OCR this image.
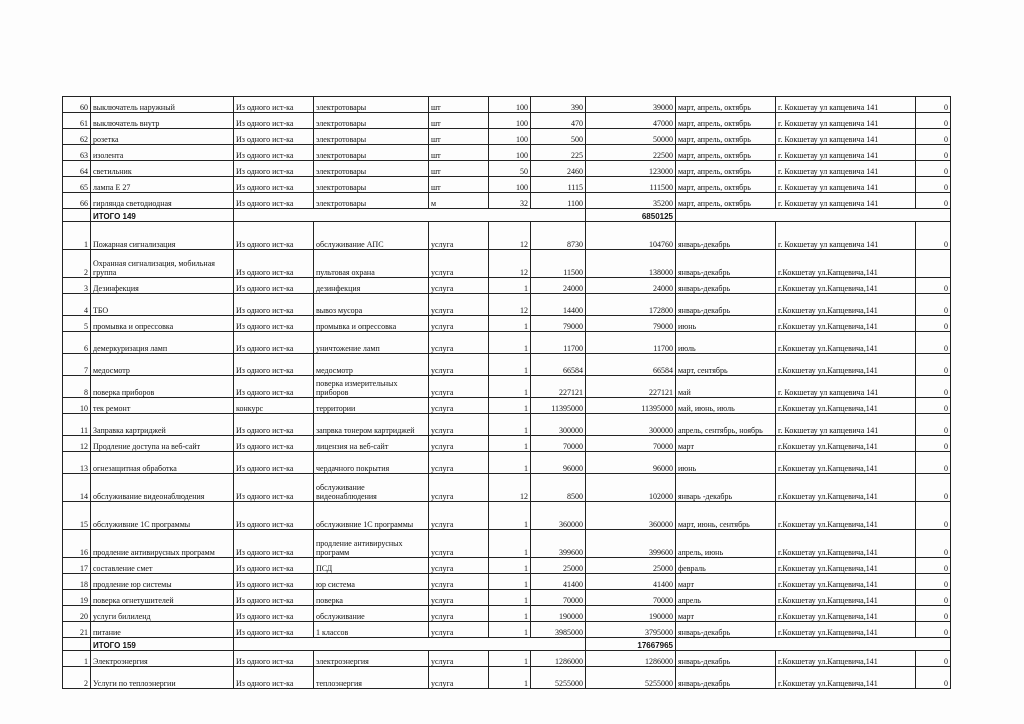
60	выключатель наружный	Из одного ист-ка	электротовары	шт	100	390	39000	март, апрель, октябрь	г. Кокшетау ул капцевича 141	0
61	выключатель внутр	Из одного ист-ка	электротовары	шт	100	470	47000	март, апрель, октябрь	г. Кокшетау ул капцевича 141	0
62	розетка	Из одного ист-ка	электротовары	шт	100	500	50000	март, апрель, октябрь	г. Кокшетау ул капцевича 141	0
63	изолента	Из одного ист-ка	электротовары	шт	100	225	22500	март, апрель, октябрь	г. Кокшетау ул капцевича 141	0
64	светильник	Из одного ист-ка	электротовары	шт	50	2460	123000	март, апрель, октябрь	г. Кокшетау ул капцевича 141	0
65	лампа Е 27	Из одного ист-ка	электротовары	шт	100	1115	111500	март, апрель, октябрь	г. Кокшетау ул капцевича 141	0
66	гирлянда светодиодная	Из одного ист-ка	электротовары	м	32	1100	35200	март, апрель, октябрь	г. Кокшетау ул капцевича 141	0
	ИТОГО 149						6850125			
1	Пожарная сигнализация	Из одного ист-ка	обслуживание АПС	услуга	12	8730	104760	январь-декабрь	г. Кокшетау ул капцевича 141	0
2	Охранная сигнализация, мобильная группа	Из одного ист-ка	пультовая охрана	услуга	12	11500	138000	январь-декабрь	г.Кокшетау ул.Капцевича,141	
3	Дезинфекция	Из одного ист-ка	дезинфекция	услуга	1	24000	24000	январь-декабрь	г.Кокшетау ул.Капцевича,141	0
4	ТБО	Из одного ист-ка	вывоз мусора	услуга	12	14400	172800	январь-декабрь	г.Кокшетау ул.Капцевича,141	0
5	промывка и опрессовка	Из одного ист-ка	промывка и опрессовка	услуга	1	79000	79000	июнь	г.Кокшетау ул.Капцевича,141	0
6	демеркуризация ламп	Из одного ист-ка	уничтожение ламп	услуга	1	11700	11700	июль	г.Кокшетау ул.Капцевича,141	0
7	медосмотр	Из одного ист-ка	медосмотр	услуга	1	66584	66584	март, сентябрь	г.Кокшетау ул.Капцевича,141	0
8	поверка приборов	Из одного ист-ка	поверка измерительных приборов	услуга	1	227121	227121	май	г. Кокшетау ул капцевича 141	0
10	тек ремонт	конкурс	территории	услуга	1	11395000	11395000	май, июнь, июль	г.Кокшетау ул.Капцевича,141	0
11	Заправка картриджей	Из одного ист-ка	запрвка тонером картриджей	услуга	1	300000	300000	апрель, сентябрь, ноябрь	г. Кокшетау ул капцевича 141	0
12	Продление доступа на веб-сайт	Из одного ист-ка	лицензия на веб-сайт	услуга	1	70000	70000	март	г.Кокшетау ул.Капцевича,141	0
13	огнезащитная обработка	Из одного ист-ка	чердачного покрытия	услуга	1	96000	96000	июнь	г.Кокшетау ул.Капцевича,141	0
14	обслуживание видеонаблюдения	Из одного ист-ка	обслуживание видеонаблюдения	услуга	12	8500	102000	январь -декабрь	г.Кокшетау ул.Капцевича,141	0
15	обслуживние 1С программы	Из одного ист-ка	обслуживние 1С программы	услуга	1	360000	360000	март, июнь, сентябрь	г.Кокшетау ул.Капцевича,141	0
16	продление антивирусных программ	Из одного ист-ка	продление антивирусных программ	услуга	1	399600	399600	апрель, июнь	г.Кокшетау ул.Капцевича,141	0
17	составление смет	Из одного ист-ка	ПСД	услуга	1	25000	25000	февраль	г.Кокшетау ул.Капцевича,141	0
18	продление юр системы	Из одного ист-ка	юр система	услуга	1	41400	41400	март	г.Кокшетау ул.Капцевича,141	0
19	поверка огнетушителей	Из одного ист-ка	поверка	услуга	1	70000	70000	апрель	г.Кокшетау ул.Капцевича,141	0
20	услуги билиленд	Из одного ист-ка	обслуживание	услуга	1	190000	190000	март	г.Кокшетау ул.Капцевича,141	0
21	питание	Из одного ист-ка	1 классов	услуга	1	3985000	3795000	январь-декабрь	г.Кокшетау ул.Капцевича,141	0
	ИТОГО 159						17667965			
1	Электроэнергия	Из одного ист-ка	электроэнергия	услуга	1	1286000	1286000	январь-декабрь	г.Кокшетау ул.Капцевича,141	0
2	Услуги по теплоэнергии	Из одного ист-ка	теплоэнергия	услуга	1	5255000	5255000	январь-декабрь	г.Кокшетау ул.Капцевича,141	0
